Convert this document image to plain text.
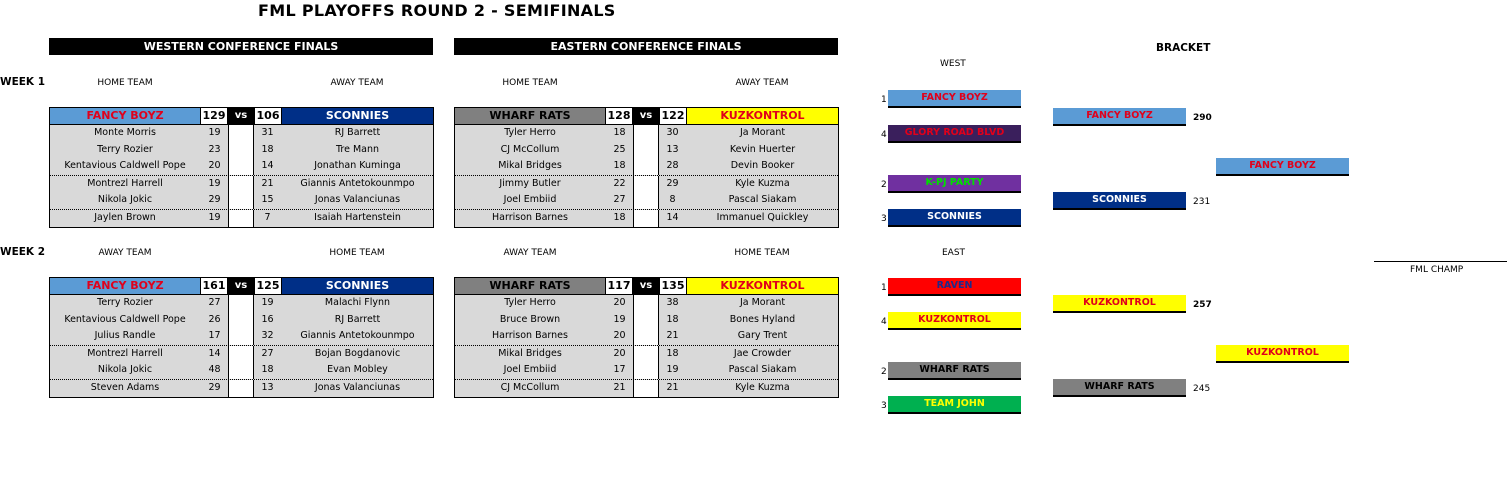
FML PLAYOFFS ROUND 2 - SEMIFINALS
WESTERN CONFERENCE FINALS	EASTERN CONFERENCE FINALS
WEEK 1	HOME TEAM	AWAY TEAM	HOME TEAM	AWAY TEAM
WEEK 2	AWAY TEAM	HOME TEAM	AWAY TEAM	HOME TEAM
FANCY BOYZ	129 vs 106	SCONNIES
Monte Morris	19	31	RJ Barrett
Terry Rozier	23	18	Tre Mann
Kentavious Caldwell Pope	20	14	Jonathan Kuminga
Montrezl Harrell	19	21	Giannis Antetokounmpo
Nikola Jokic	29	15	Jonas Valanciunas
Jaylen Brown	19	7	Isaiah Hartenstein
WHARF RATS	128 vs 122	KUZKONTROL
Tyler Herro	18	30	Ja Morant
CJ McCollum	25	13	Kevin Huerter
Mikal Bridges	18	28	Devin Booker
Jimmy Butler	22	29	Kyle Kuzma
Joel Embiid	27	8	Pascal Siakam
Harrison Barnes	18	14	Immanuel Quickley
FANCY BOYZ	161 vs 125	SCONNIES
Terry Rozier	27	19	Malachi Flynn
Kentavious Caldwell Pope	26	16	RJ Barrett
Julius Randle	17	32	Giannis Antetokounmpo
Montrezl Harrell	14	27	Bojan Bogdanovic
Nikola Jokic	48	18	Evan Mobley
Steven Adams	29	13	Jonas Valanciunas
WHARF RATS	117 vs 135	KUZKONTROL
Tyler Herro	20	38	Ja Morant
Bruce Brown	19	18	Bones Hyland
Harrison Barnes	20	21	Gary Trent
Mikal Bridges	20	18	Jae Crowder
Joel Embiid	17	19	Pascal Siakam
CJ McCollum	21	21	Kyle Kuzma
BRACKET
WEST
EAST
1	FANCY BOYZ
4	GLORY ROAD BLVD
2	K-PJ PARTY
3	SCONNIES
1	RAVEN
4	KUZKONTROL
2	WHARF RATS
3	TEAM JOHN
FANCY BOYZ	290
SCONNIES	231
KUZKONTROL	257
WHARF RATS	245
FANCY BOYZ
KUZKONTROL
FML CHAMP
